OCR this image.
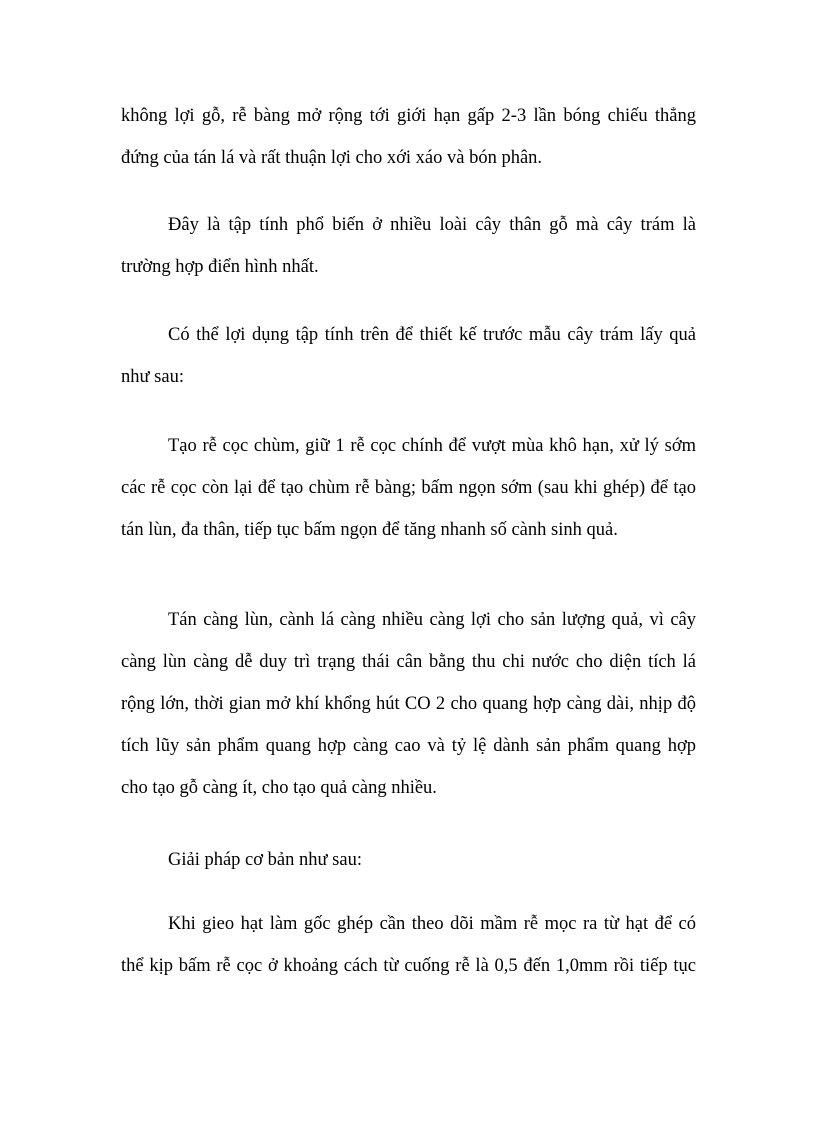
không lợi gỗ, rễ bàng mở rộng tới giới hạn gấp 2-3 lần bóng chiếu thẳng
đứng của tán lá và rất thuận lợi cho xới xáo và bón phân.
Đây là tập tính phổ biến ở nhiều loài cây thân gỗ mà cây trám là
trường hợp điển hình nhất.
Có thể lợi dụng tập tính trên để thiết kế trước mẫu cây trám lấy quả
như sau:
Tạo rễ cọc chùm, giữ 1 rễ cọc chính để vượt mùa khô hạn, xử lý sớm
các rễ cọc còn lại để tạo chùm rễ bàng; bấm ngọn sớm (sau khi ghép) để tạo
tán lùn, đa thân, tiếp tục bấm ngọn để tăng nhanh số cành sinh quả.
Tán càng lùn, cành lá càng nhiều càng lợi cho sản lượng quả, vì cây
càng lùn càng dễ duy trì trạng thái cân bằng thu chi nước cho diện tích lá
rộng lớn, thời gian mở khí khổng hút CO 2 cho quang hợp càng dài, nhịp độ
tích lũy sản phẩm quang hợp càng cao và tỷ lệ dành sản phẩm quang hợp
cho tạo gỗ càng ít, cho tạo quả càng nhiều.
Giải pháp cơ bản như sau:
Khi gieo hạt làm gốc ghép cần theo dõi mầm rễ mọc ra từ hạt để có
thể kịp bấm rễ cọc ở khoảng cách từ cuống rễ là 0,5 đến 1,0mm rồi tiếp tục
